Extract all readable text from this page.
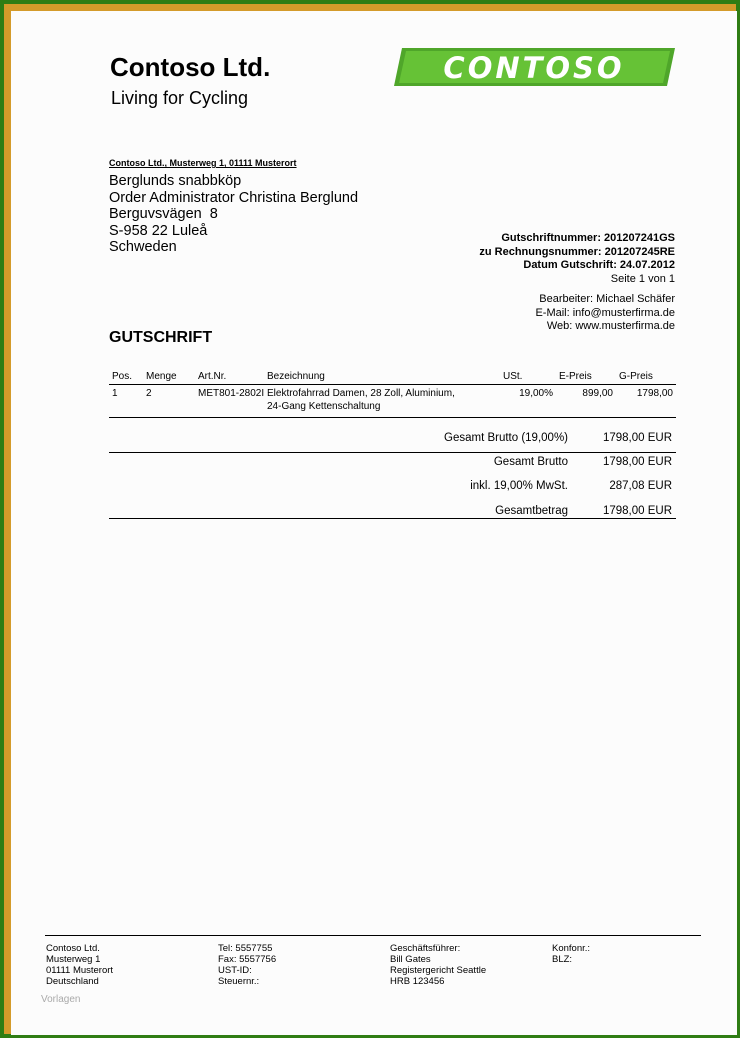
Contoso Ltd.
Living for Cycling
CONTOSO
Contoso Ltd., Musterweg 1, 01111 Musterort
Berglunds snabbköp
Order Administrator Christina Berglund
Berguvsvägen  8
S-958 22 Luleå
Schweden
Gutschriftnummer: 201207241GS
zu Rechnungsnummer: 201207245RE
Datum Gutschrift: 24.07.2012
Seite 1 von 1
Bearbeiter: Michael Schäfer
E-Mail: info@musterfirma.de
Web: www.musterfirma.de
GUTSCHRIFT
Pos.	Menge	Art.Nr.	Bezeichnung	USt.	E-Preis	G-Preis
1	2	MET801-2802I	Elektrofahrrad Damen, 28 Zoll, Aluminium,
24-Gang Kettenschaltung	19,00%	899,00	1798,00
Gesamt Brutto (19,00%)	1798,00 EUR
Gesamt Brutto	1798,00 EUR
inkl. 19,00% MwSt.	287,08 EUR
Gesamtbetrag	1798,00 EUR
Contoso Ltd.
Musterweg 1
01111 Musterort
Deutschland
Tel: 5557755
Fax: 5557756
UST-ID:
Steuernr.:
Geschäftsführer:
Bill Gates
Registergericht Seattle
HRB 123456
Konfonr.:
BLZ:
Vorlagen
